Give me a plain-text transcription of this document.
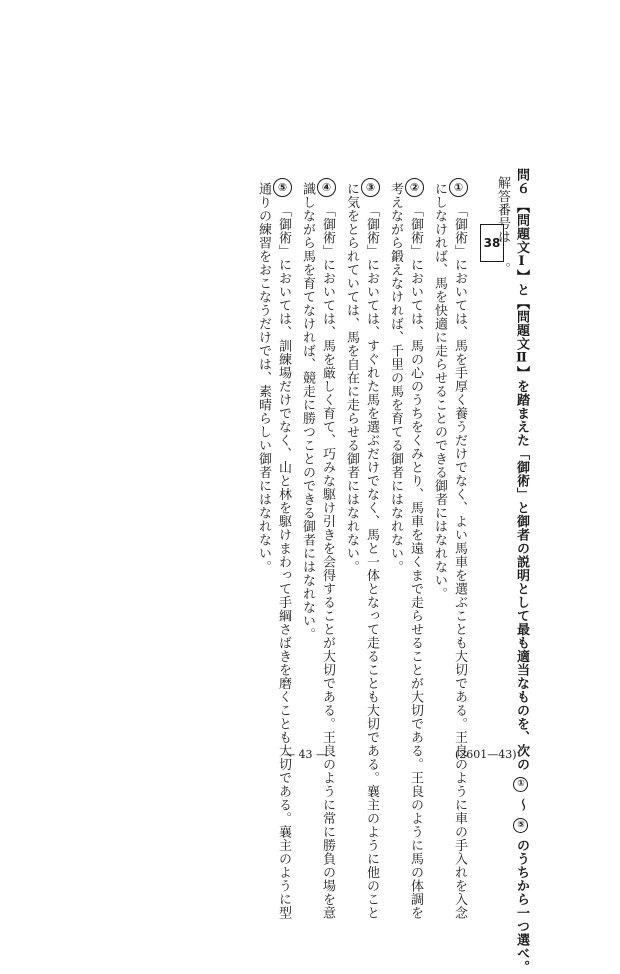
問６ 【問題文Ⅰ】と【問題文Ⅱ】を踏まえた「御術」と御者の説明として最も適当なものを、次の ① 〜 ⑤ のうちから一つ選べ。
解答番号は
38
。
①
「御術」においては、馬を手厚く養うだけでなく、よい馬車を選ぶことも大切である。王良のように車の手入れを入念
にしなければ、馬を快適に走らせることのできる御者にはなれない。
②
「御術」においては、馬の心のうちをくみとり、馬車を遠くまで走らせることが大切である。王良のように馬の体調を
考えながら鍛えなければ、千里の馬を育てる御者にはなれない。
③
「御術」においては、すぐれた馬を選ぶだけでなく、馬と一体となって走ることも大切である。襄主のように他のこと
に気をとられていては、馬を自在に走らせる御者にはなれない。
④
「御術」においては、馬を厳しく育て、巧みな駆け引きを会得することが大切である。王良のように常に勝負の場を意
識しながら馬を育てなければ、競走に勝つことのできる御者にはなれない。
⑤
「御術」においては、訓練場だけでなく、山と林を駆けまわって手綱さばきを磨くことも大切である。襄主のように型
通りの練習をおこなうだけでは、素晴らしい御者にはなれない。
— 43 —	(2601—43)
